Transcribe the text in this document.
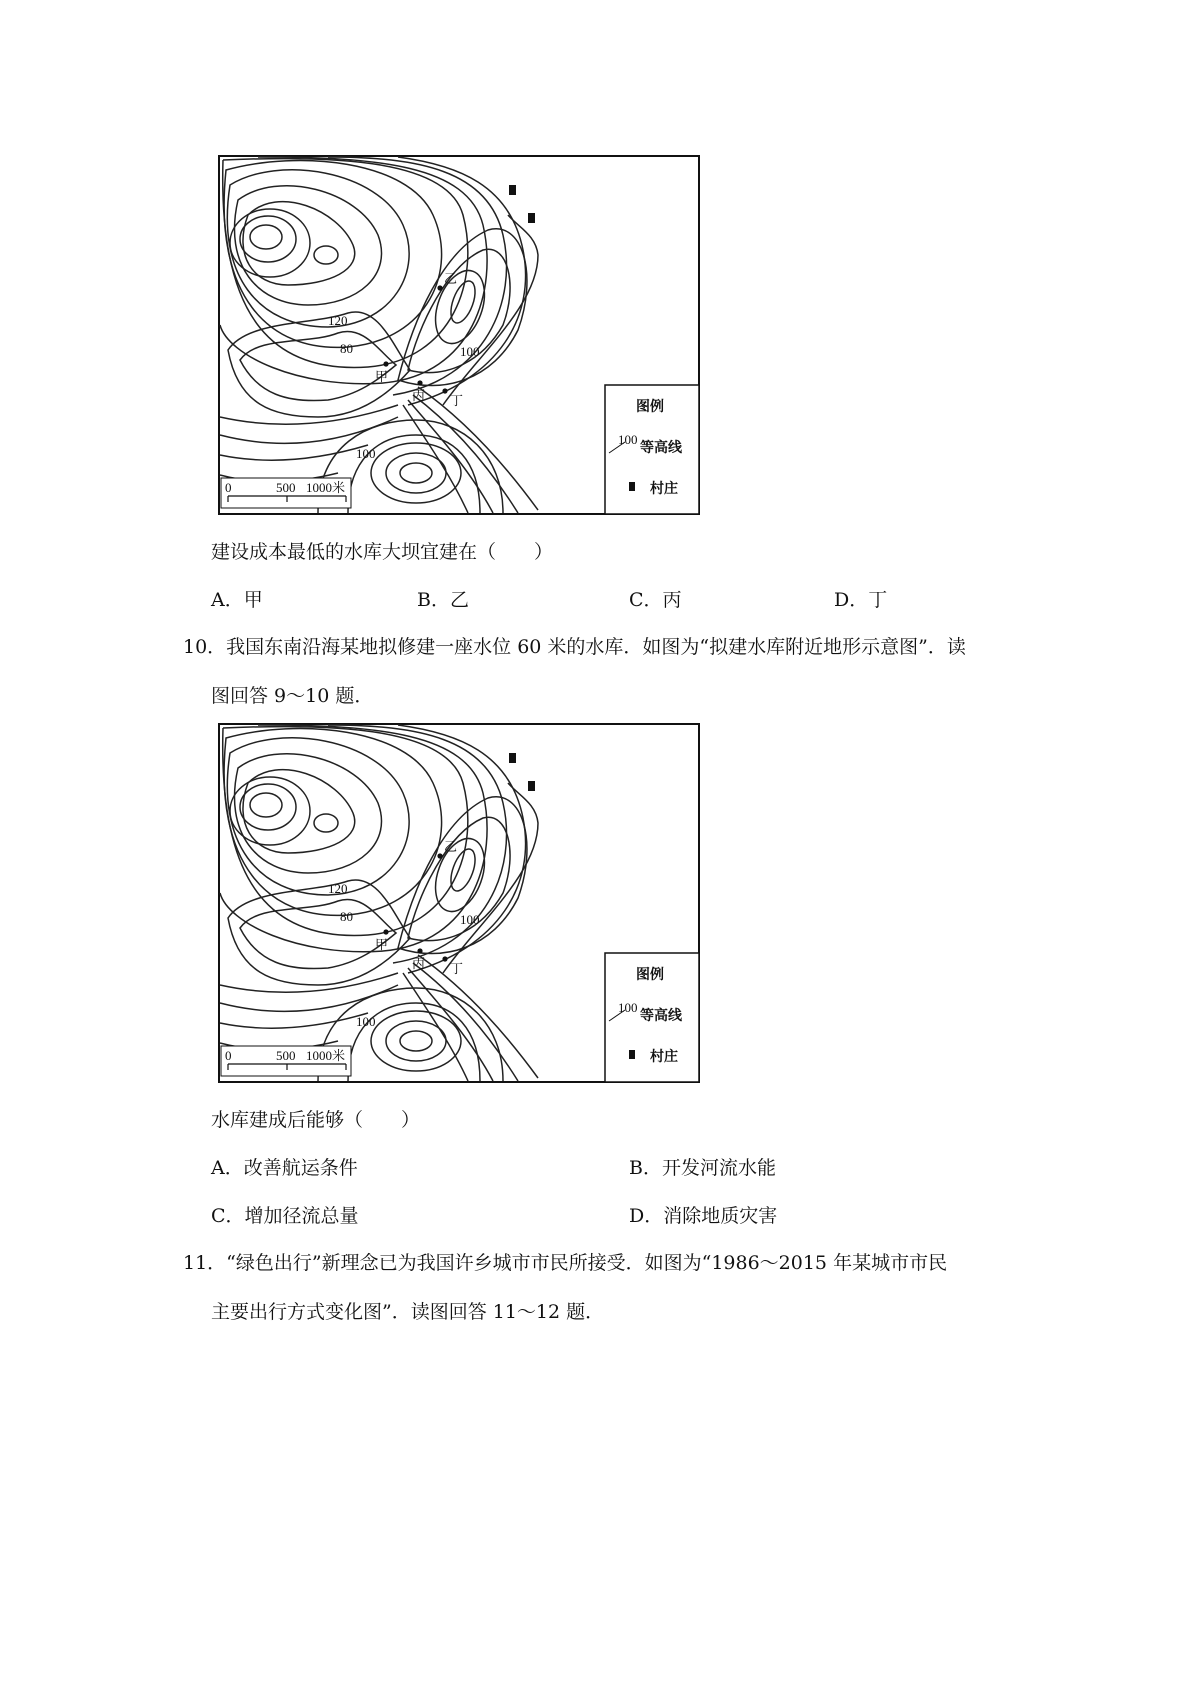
乙
甲
丙 丁
120
80	100
100
0	500 1000米
图例
100
等高线
村庄
建设成本最低的水库大坝宜建在（　　）
A．甲	B．乙	C．丙	D．丁
10．我国东南沿海某地拟修建一座水位 60 米的水库．如图为“拟建水库附近地形示意图”．读
图回答 9～10 题．
乙
甲
丙 丁
120
80	100
100
0	500 1000米
图例
100
等高线
村庄
水库建成后能够（　　）
A．改善航运条件	B．开发河流水能
C．增加径流总量	D．消除地质灾害
11．“绿色出行”新理念已为我国许乡城市市民所接受．如图为“1986～2015 年某城市市民
主要出行方式变化图”．读图回答 11～12 题．
